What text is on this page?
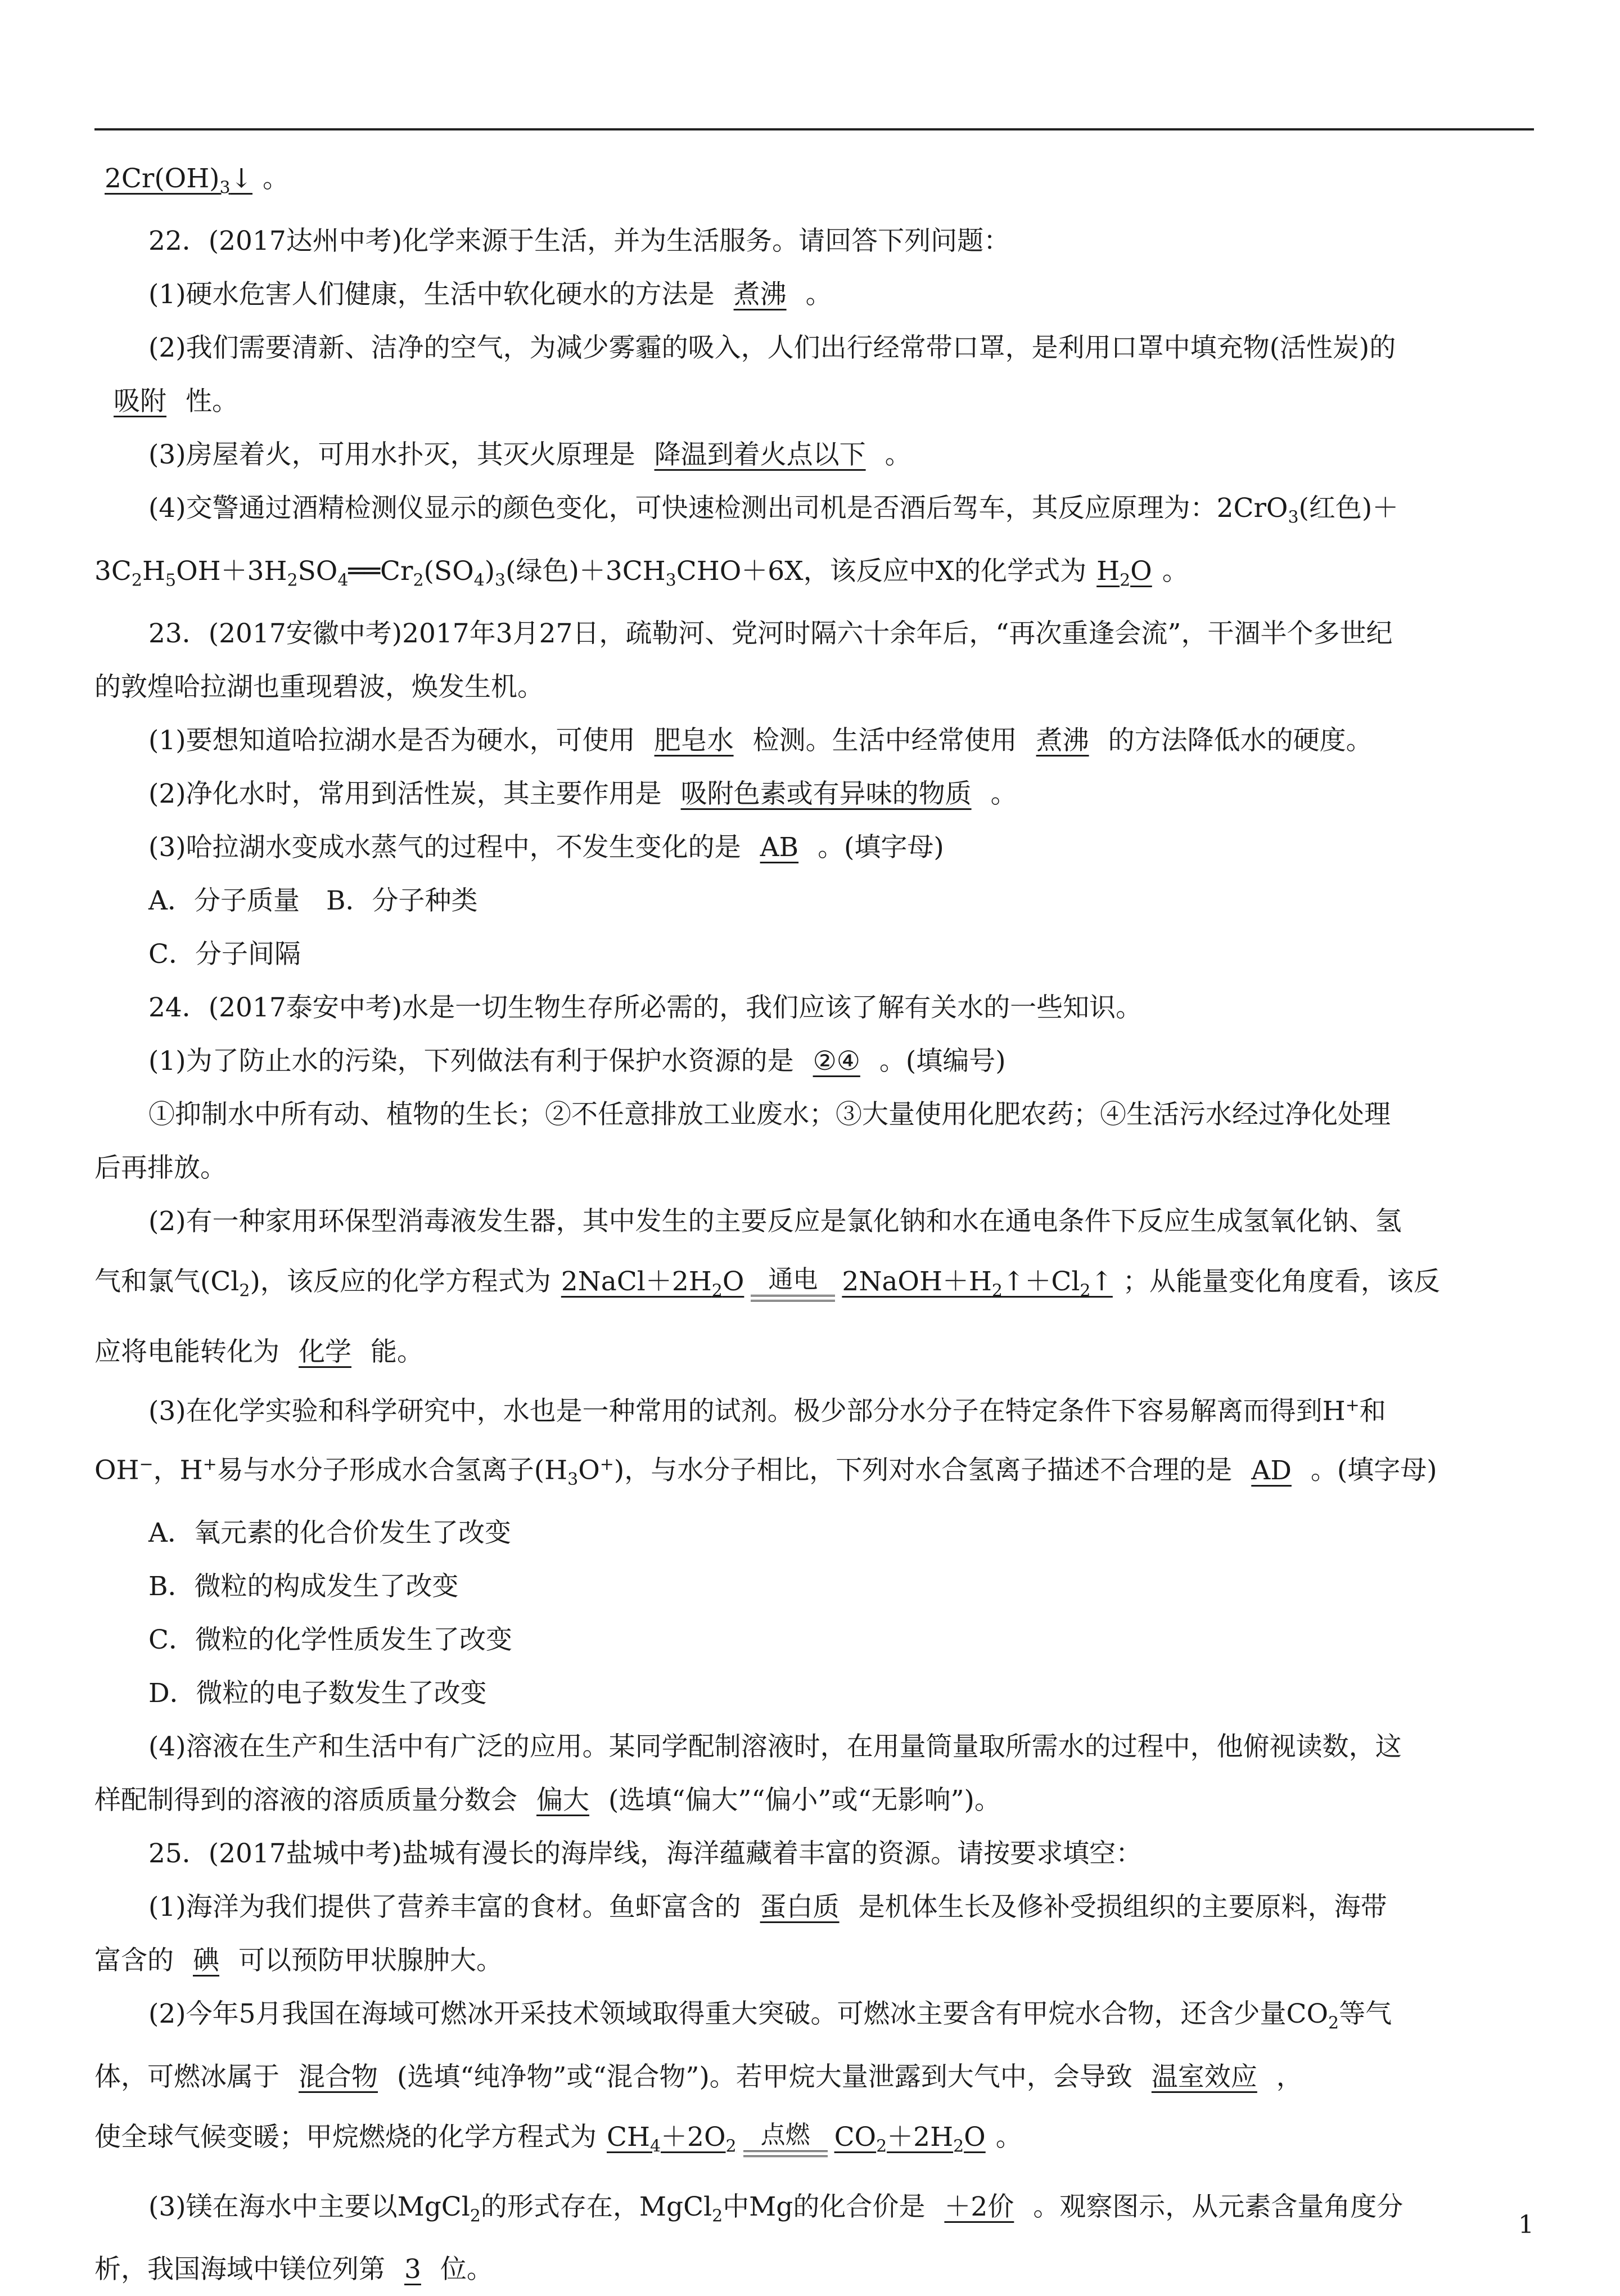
$2Cr(OH)_3↓$ 。

22．(2017达州中考)化学来源于生活，并为生活服务。请回答下列问题：

(1)硬水危害人们健康，生活中软化硬水的方法是 煮沸 。

(2)我们需要清新、洁净的空气，为减少雾霾的吸入，人们出行经常带口罩，是利用口罩中填充物(活性炭)的

吸附 性。

(3)房屋着火，可用水扑灭，其灭火原理是 降温到着火点以下 。

(4)交警通过酒精检测仪显示的颜色变化，可快速检测出司机是否酒后驾车，其反应原理为：2CrO$_3$(红色)＋

$3C_2H_5OH+3H_2SO_4══Cr_2(SO_4)_3$(绿色)$+3CH_3CHO+6X$，该反应中X的化学式为 $H_2O$ 。

23．(2017安徽中考)2017年3月27日，疏勒河、党河时隔六十余年后，“再次重逢会流”，干涸半个多世纪

的敦煌哈拉湖也重现碧波，焕发生机。

(1)要想知道哈拉湖水是否为硬水，可使用 肥皂水 检测。生活中经常使用 煮沸 的方法降低水的硬度。

(2)净化水时，常用到活性炭，其主要作用是 吸附色素或有异味的物质 。

(3)哈拉湖水变成水蒸气的过程中，不发生变化的是 AB 。(填字母)

A．分子质量　B．分子种类

C．分子间隔

24．(2017泰安中考)水是一切生物生存所必需的，我们应该了解有关水的一些知识。

(1)为了防止水的污染，下列做法有利于保护水资源的是 ②④ 。(填编号)

①抑制水中所有动、植物的生长；②不任意排放工业废水；③大量使用化肥农药；④生活污水经过净化处理

后再排放。

(2)有一种家用环保型消毒液发生器，其中发生的主要反应是氯化钠和水在通电条件下反应生成氢氧化钠、氢

气和氯气$(Cl_2)$，该反应的化学方程式为 $2NaCl+2H_2O$ 通电 $2NaOH+H_2↑+Cl_2↑$ ；从能量变化角度看，该反

应将电能转化为 化学 能。

(3)在化学实验和科学研究中，水也是一种常用的试剂。极少部分水分子在特定条件下容易解离而得到H+和

OH−，H+易与水分子形成水合氢离子$(H_3O^+)$，与水分子相比，下列对水合氢离子描述不合理的是 AD 。(填字母)

A．氧元素的化合价发生了改变

B．微粒的构成发生了改变

C．微粒的化学性质发生了改变

D．微粒的电子数发生了改变

(4)溶液在生产和生活中有广泛的应用。某同学配制溶液时，在用量筒量取所需水的过程中，他俯视读数，这

样配制得到的溶液的溶质质量分数会 偏大 (选填“偏大”“偏小”或“无影响”)。

25．(2017盐城中考)盐城有漫长的海岸线，海洋蕴藏着丰富的资源。请按要求填空：

(1)海洋为我们提供了营养丰富的食材。鱼虾富含的 蛋白质 是机体生长及修补受损组织的主要原料，海带

富含的 碘 可以预防甲状腺肿大。

(2)今年5月我国在海域可燃冰开采技术领域取得重大突破。可燃冰主要含有甲烷水合物，还含少量$CO_2$等气

体，可燃冰属于 混合物 (选填“纯净物”或“混合物”)。若甲烷大量泄露到大气中，会导致 温室效应 ，

使全球气候变暖；甲烷燃烧的化学方程式为 $CH_4+2O_2$ 点燃 $CO_2+2H_2O$ 。

(3)镁在海水中主要以MgCl$_2$的形式存在，MgCl$_2$中Mg的化合价是 ＋2价 。观察图示，从元素含量角度分

析，我国海域中镁位列第 3 位。

1
